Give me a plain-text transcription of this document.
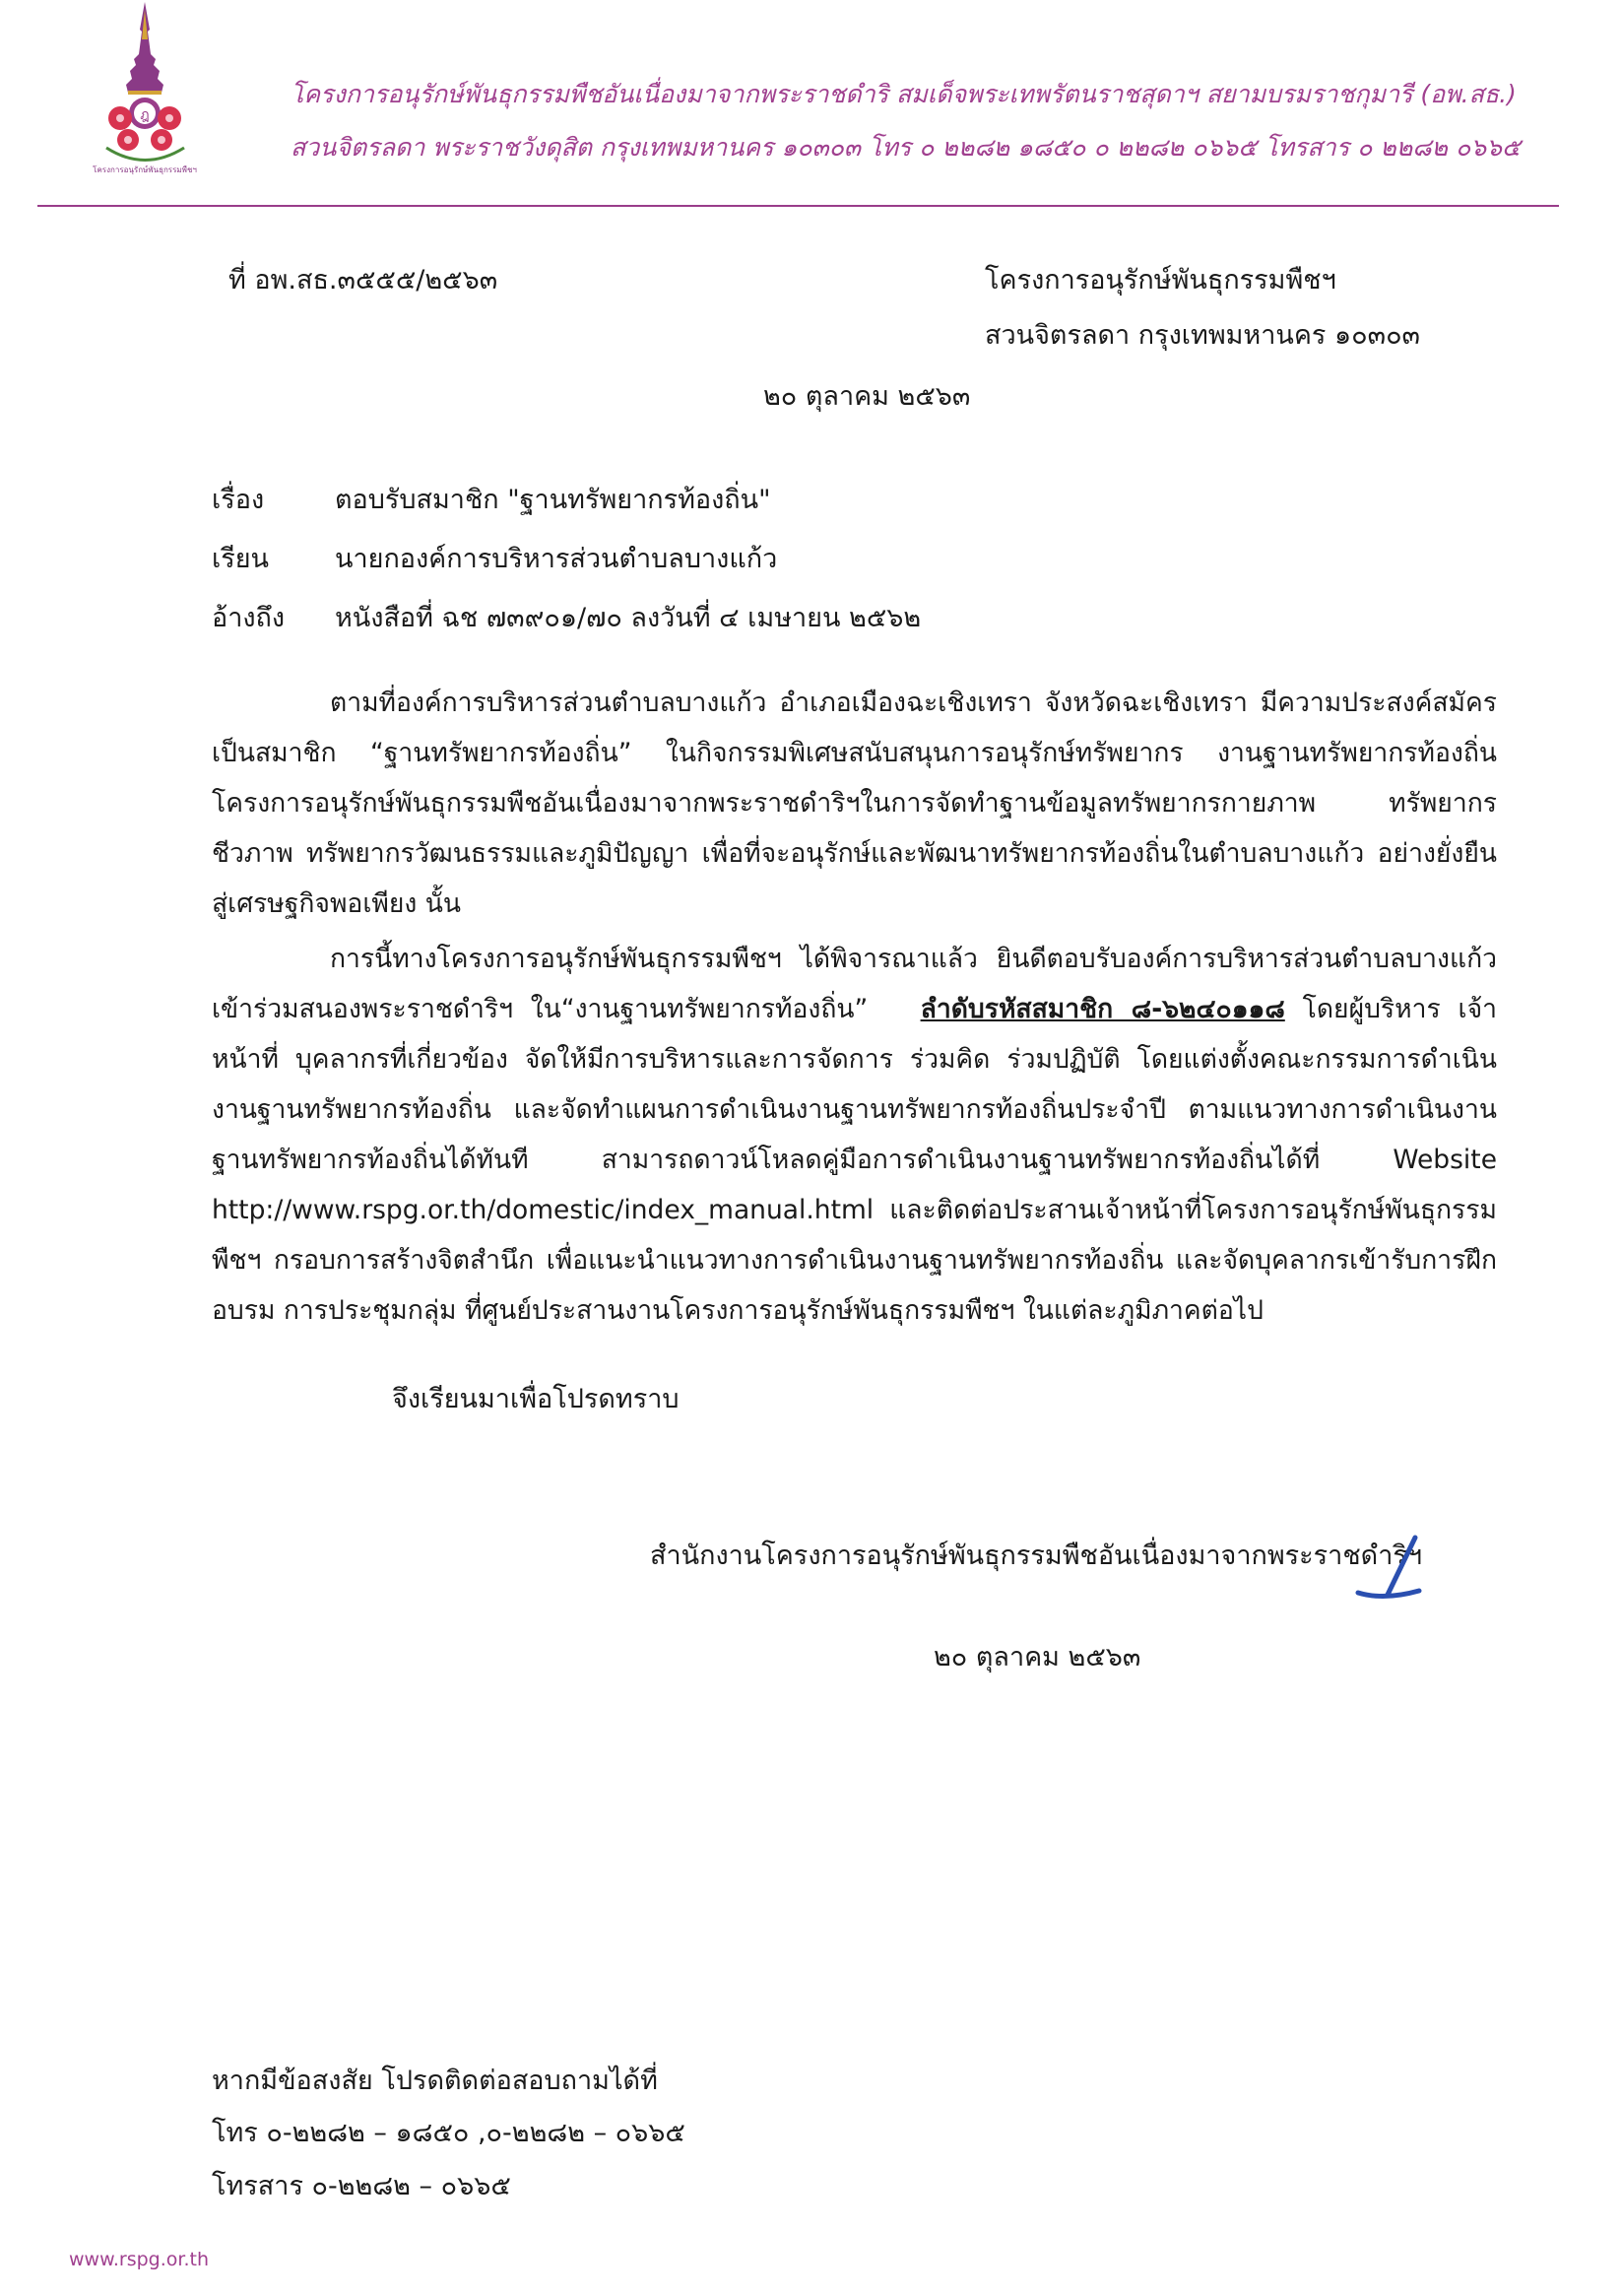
ฎ
โครงการอนุรักษ์พันธุกรรมพืชฯ
โครงการอนุรักษ์พันธุกรรมพืชอันเนื่องมาจากพระราชดำริ สมเด็จพระเทพรัตนราชสุดาฯ สยามบรมราชกุมารี (อพ.สธ.)
สวนจิตรลดา พระราชวังดุสิต กรุงเทพมหานคร ๑๐๓๐๓ โทร ๐ ๒๒๘๒ ๑๘๕๐ ๐ ๒๒๘๒ ๐๖๖๕ โทรสาร ๐ ๒๒๘๒ ๐๖๖๕
ที่ อพ.สธ.๓๕๕๕/๒๕๖๓	โครงการอนุรักษ์พันธุกรรมพืชฯ
สวนจิตรลดา กรุงเทพมหานคร ๑๐๓๐๓
๒๐ ตุลาคม ๒๕๖๓
เรื่อง	ตอบรับสมาชิก "ฐานทรัพยากรท้องถิ่น"
เรียน นายกองค์การบริหารส่วนตำบลบางแก้ว
อ้างถึง หนังสือที่ ฉช ๗๓๙๐๑/๗๐ ลงวันที่ ๔ เมษายน ๒๕๖๒
ตามที่องค์การบริหารส่วนตำบลบางแก้ว อำเภอเมืองฉะเชิงเทรา จังหวัดฉะเชิงเทรา มีความประสงค์สมัครเป็นสมาชิก “ฐานทรัพยากรท้องถิ่น” ในกิจกรรมพิเศษสนับสนุนการอนุรักษ์ทรัพยากร งานฐานทรัพยากรท้องถิ่น โครงการอนุรักษ์พันธุกรรมพืชอันเนื่องมาจากพระราชดำริฯในการจัดทำฐานข้อมูลทรัพยากรกายภาพ ทรัพยากรชีวภาพ ทรัพยากรวัฒนธรรมและภูมิปัญญา เพื่อที่จะอนุรักษ์และพัฒนาทรัพยากรท้องถิ่นในตำบลบางแก้ว อย่างยั่งยืนสู่เศรษฐกิจพอเพียง นั้น
การนี้ทางโครงการอนุรักษ์พันธุกรรมพืชฯ ได้พิจารณาแล้ว ยินดีตอบรับองค์การบริหารส่วนตำบลบางแก้ว เข้าร่วมสนองพระราชดำริฯ ใน“งานฐานทรัพยากรท้องถิ่น” ลำดับรหัสสมาชิก ๘-๖๒๔๐๑๑๘ โดยผู้บริหาร เจ้าหน้าที่ บุคลากรที่เกี่ยวข้อง จัดให้มีการบริหารและการจัดการ ร่วมคิด ร่วมปฏิบัติ โดยแต่งตั้งคณะกรรมการดำเนินงานฐานทรัพยากรท้องถิ่น และจัดทำแผนการดำเนินงานฐานทรัพยากรท้องถิ่นประจำปี ตามแนวทางการดำเนินงานฐานทรัพยากรท้องถิ่นได้ทันที สามารถดาวน์โหลดคู่มือการดำเนินงานฐานทรัพยากรท้องถิ่นได้ที่ Website http://www.rspg.or.th/domestic/index_manual.html และติดต่อประสานเจ้าหน้าที่โครงการอนุรักษ์พันธุกรรมพืชฯ กรอบการสร้างจิตสำนึก เพื่อแนะนำแนวทางการดำเนินงานฐานทรัพยากรท้องถิ่น และจัดบุคลากรเข้ารับการฝึกอบรม การประชุมกลุ่ม ที่ศูนย์ประสานงานโครงการอนุรักษ์พันธุกรรมพืชฯ ในแต่ละภูมิภาคต่อไป
จึงเรียนมาเพื่อโปรดทราบ
สำนักงานโครงการอนุรักษ์พันธุกรรมพืชอันเนื่องมาจากพระราชดำริฯ
๒๐ ตุลาคม ๒๕๖๓
หากมีข้อสงสัย โปรดติดต่อสอบถามได้ที่
โทร ๐-๒๒๘๒ – ๑๘๕๐ ,๐-๒๒๘๒ – ๐๖๖๕
โทรสาร ๐-๒๒๘๒ – ๐๖๖๕
www.rspg.or.th
